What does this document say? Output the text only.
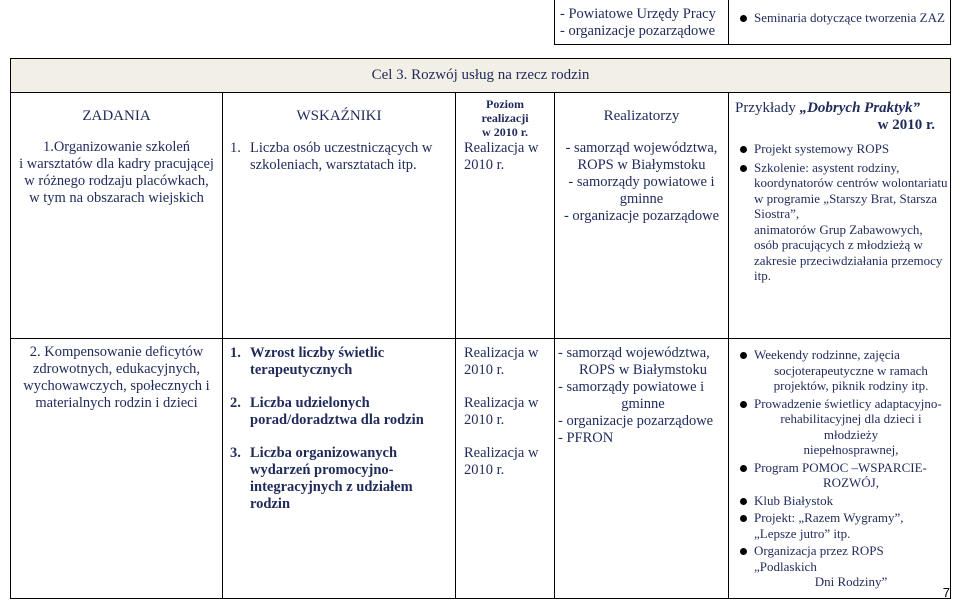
- Powiatowe Urzędy Pracy
- organizacje pozarządowe
Seminaria dotyczące tworzenia ZAZ
Cel 3. Rozwój usług na rzecz rodzin
ZADANIA	WSKAŹNIKI
Poziom
realizacji
w 2010 r.
Realizatorzy	Przykłady „Dobrych Praktyk”
w 2010 r.
1.Organizowanie szkoleń
i warsztatów dla kadry pracującej
w różnego rodzaju placówkach,
w tym na obszarach wiejskich
1. Liczba osób uczestniczących w
szkoleniach, warsztatach itp.
Realizacja w
2010 r.
- samorząd województwa,
ROPS w Białymstoku
- samorządy powiatowe i
gminne
- organizacje pozarządowe
Projekt systemowy ROPS
Szkolenie: asystent rodziny,
koordynatorów centrów wolontariatu
w programie „Starszy Brat, Starsza
Siostra”,
animatorów Grup Zabawowych,
osób pracujących z młodzieżą w
zakresie przeciwdziałania przemocy
itp.
2. Kompensowanie deficytów
zdrowotnych, edukacyjnych,
wychowawczych, społecznych i
materialnych rodzin i dzieci
1. Wzrost liczby świetlic
terapeutycznych
2. Liczba udzielonych
porad/doradztwa dla rodzin
3. Liczba organizowanych
wydarzeń promocyjno-
integracyjnych z udziałem
rodzin
Realizacja w
2010 r.
Realizacja w
2010 r.
Realizacja w
2010 r.
- samorząd województwa,
ROPS w Białymstoku
- samorządy powiatowe i
gminne
- organizacje pozarządowe
- PFRON
Weekendy rodzinne, zajęcia
socjoterapeutyczne w ramach
projektów, piknik rodziny itp.
Prowadzenie świetlicy adaptacyjno-
rehabilitacyjnej dla dzieci i młodzieży
niepełnosprawnej,
Program POMOC –WSPARCIE-
ROZWÓJ,
Klub Białystok
Projekt: „Razem Wygramy”,
„Lepsze jutro” itp.
Organizacja przez ROPS „Podlaskich
Dni Rodziny”
7
